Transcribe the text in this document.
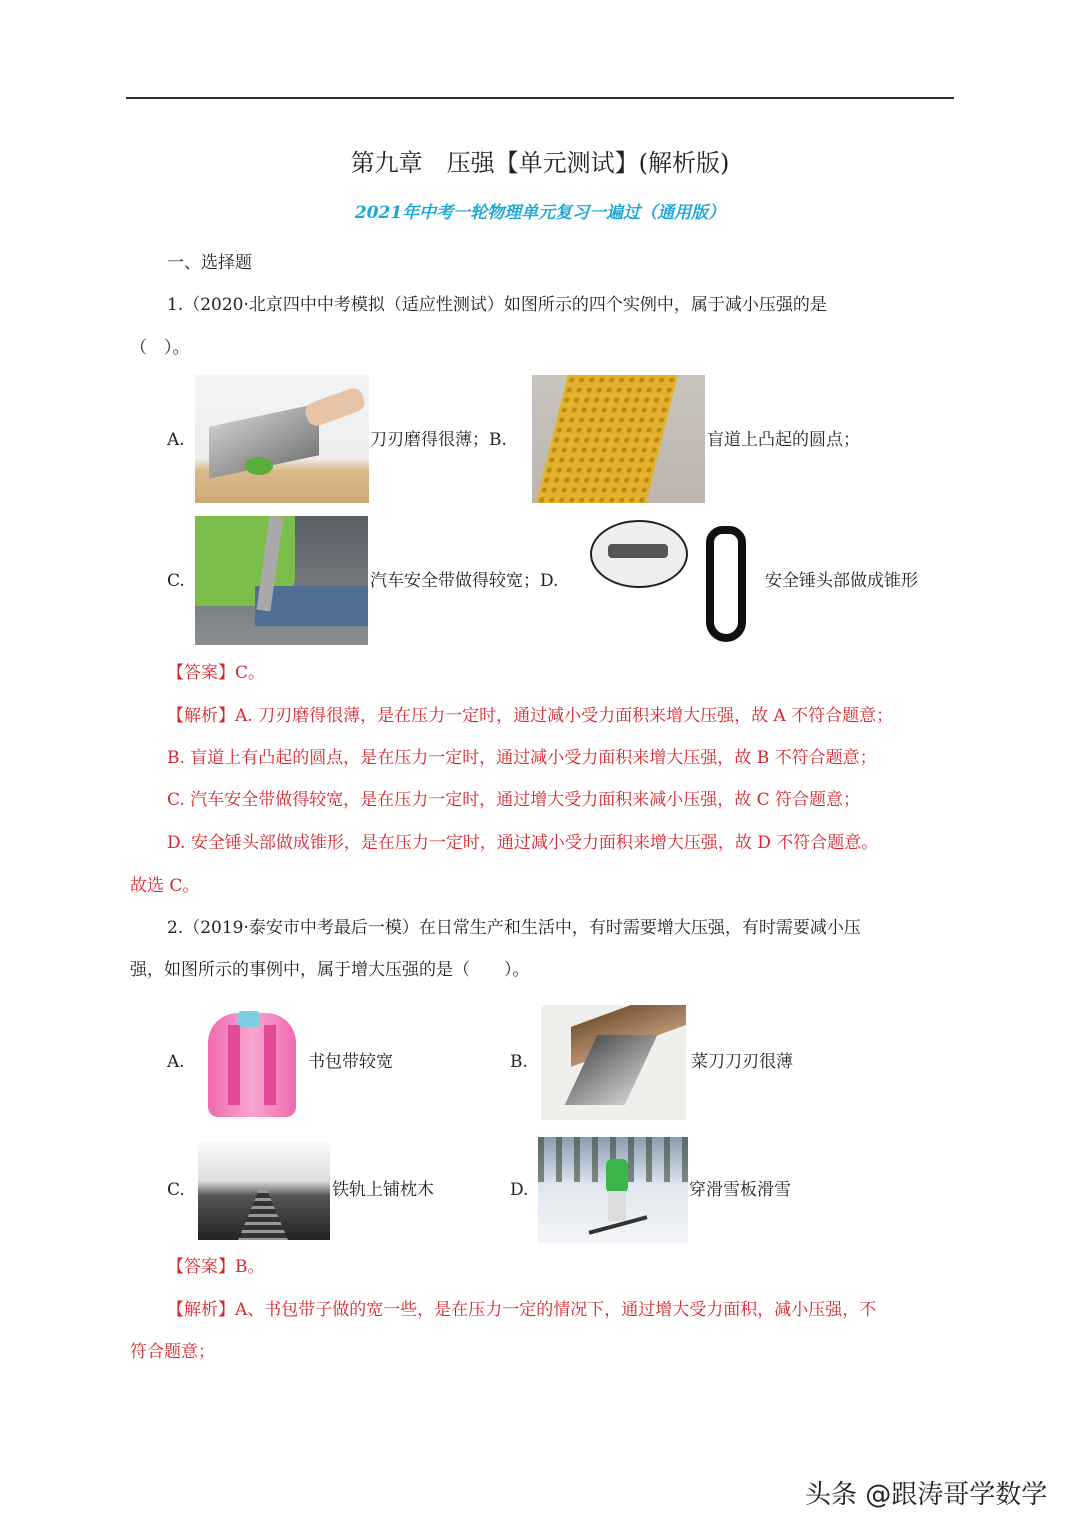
第九章　压强【单元测试】(解析版)
2021年中考一轮物理单元复习一遍过（通用版）
一、选择题
1.（2020·北京四中中考模拟（适应性测试）如图所示的四个实例中，属于减小压强的是
（　）。
A.	刀刃磨得很薄；B.	盲道上凸起的圆点；
C.	汽车安全带做得较宽；D.	安全锤头部做成锥形
【答案】C。
【解析】A. 刀刃磨得很薄，是在压力一定时，通过减小受力面积来增大压强，故 A 不符合题意；
B. 盲道上有凸起的圆点，是在压力一定时，通过减小受力面积来增大压强，故 B 不符合题意；
C. 汽车安全带做得较宽，是在压力一定时，通过增大受力面积来减小压强，故 C 符合题意；
D. 安全锤头部做成锥形，是在压力一定时，通过减小受力面积来增大压强，故 D 不符合题意。
故选 C。
2.（2019·泰安市中考最后一模）在日常生产和生活中，有时需要增大压强，有时需要减小压
强，如图所示的事例中，属于增大压强的是（　　）。
A.	书包带较宽	B.	菜刀刀刃很薄
C.	铁轨上铺枕木	D.	穿滑雪板滑雪
【答案】B。
【解析】A、书包带子做的宽一些，是在压力一定的情况下，通过增大受力面积，减小压强，不
符合题意；
头条 @跟涛哥学数学
